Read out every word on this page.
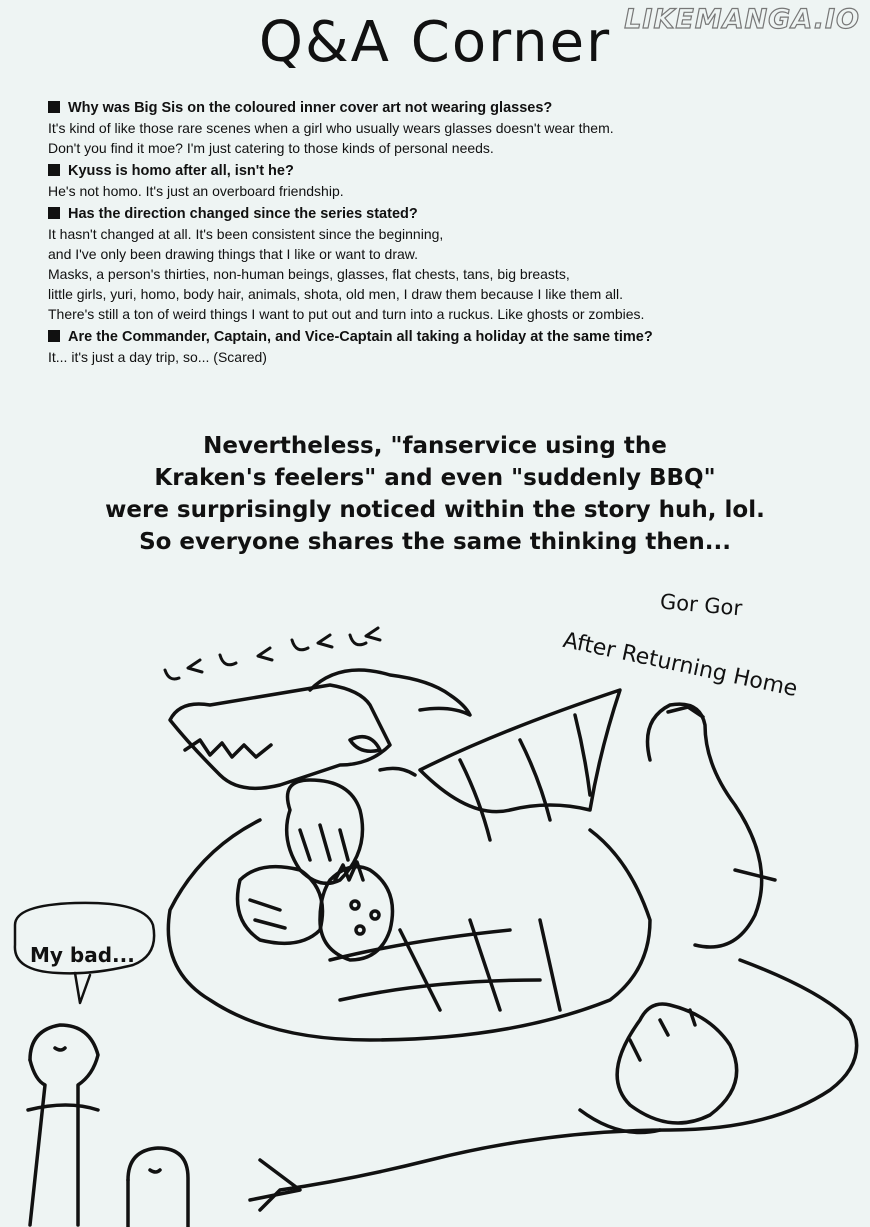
LIKEMANGA.IO
Q&A Corner
Why was Big Sis on the coloured inner cover art not wearing glasses?
It's kind of like those rare scenes when a girl who usually wears glasses doesn't wear them.
Don't you find it moe? I'm just catering to those kinds of personal needs.
Kyuss is homo after all, isn't he?
He's not homo. It's just an overboard friendship.
Has the direction changed since the series stated?
It hasn't changed at all. It's been consistent since the beginning,
and I've only been drawing things that I like or want to draw.
Masks, a person's thirties, non-human beings, glasses, flat chests, tans, big breasts,
little girls, yuri, homo, body hair, animals, shota, old men, I draw them because I like them all.
There's still a ton of weird things I want to put out and turn into a ruckus. Like ghosts or zombies.
Are the Commander, Captain, and Vice-Captain all taking a holiday at the same time?
It... it's just a day trip, so... (Scared)
Nevertheless, "fanservice using the
Kraken's feelers" and even "suddenly BBQ"
were surprisingly noticed within the story huh, lol.
So everyone shares the same thinking then...
Gor Gor
After Returning Home
My bad...
